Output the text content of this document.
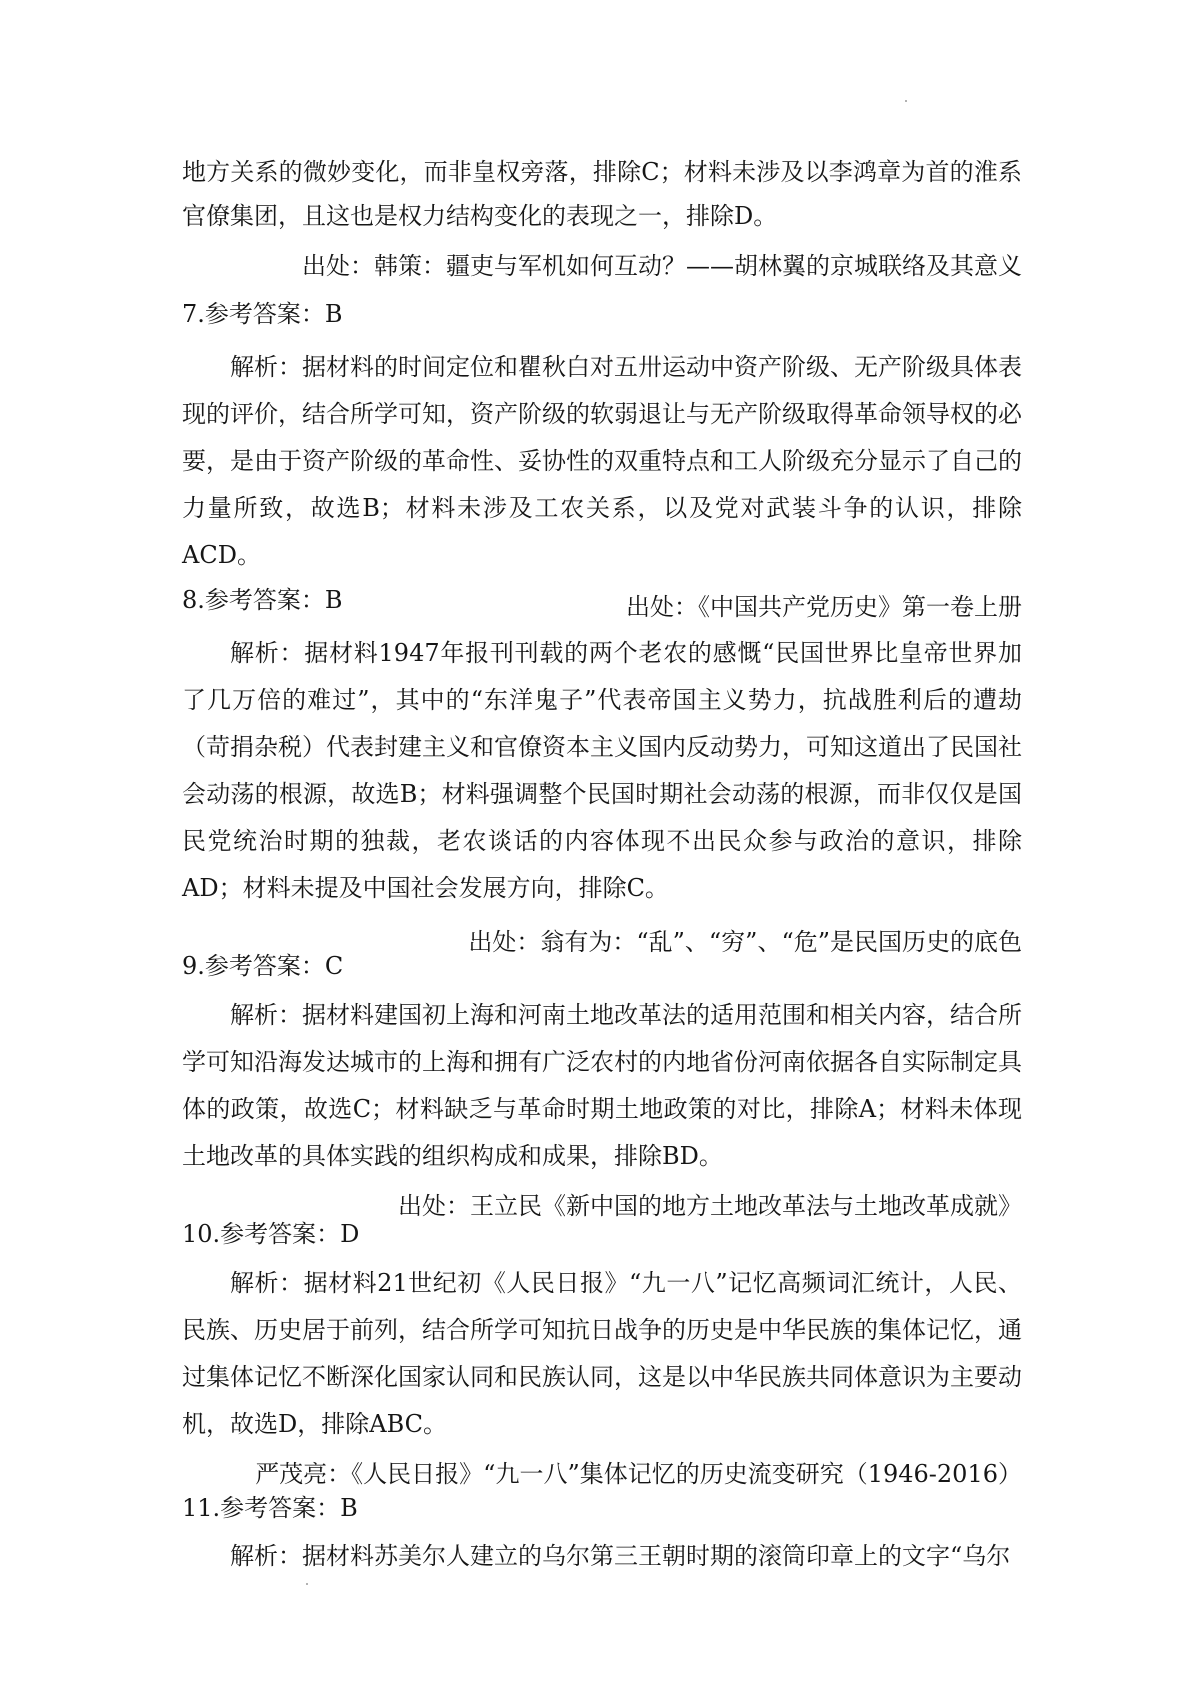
地方关系的微妙变化，而非皇权旁落，排除C；材料未涉及以李鸿章为首的淮系官僚集团，且这也是权力结构变化的表现之一，排除D。

出处：韩策：疆吏与军机如何互动？——胡林翼的京城联络及其意义

7.参考答案：B

解析：据材料的时间定位和瞿秋白对五卅运动中资产阶级、无产阶级具体表现的评价，结合所学可知，资产阶级的软弱退让与无产阶级取得革命领导权的必要，是由于资产阶级的革命性、妥协性的双重特点和工人阶级充分显示了自己的力量所致，故选B；材料未涉及工农关系，以及党对武装斗争的认识，排除ACD。

出处：《中国共产党历史》第一卷上册

8.参考答案：B

解析：据材料1947年报刊刊载的两个老农的感慨“民国世界比皇帝世界加了几万倍的难过”，其中的“东洋鬼子”代表帝国主义势力，抗战胜利后的遭劫（苛捐杂税）代表封建主义和官僚资本主义国内反动势力，可知这道出了民国社会动荡的根源，故选B；材料强调整个民国时期社会动荡的根源，而非仅仅是国民党统治时期的独裁，老农谈话的内容体现不出民众参与政治的意识，排除AD；材料未提及中国社会发展方向，排除C。

出处：翁有为：“乱”、“穷”、“危”是民国历史的底色

9.参考答案：C

解析：据材料建国初上海和河南土地改革法的适用范围和相关内容，结合所学可知沿海发达城市的上海和拥有广泛农村的内地省份河南依据各自实际制定具体的政策，故选C；材料缺乏与革命时期土地政策的对比，排除A；材料未体现土地改革的具体实践的组织构成和成果，排除BD。

出处：王立民《新中国的地方土地改革法与土地改革成就》

10.参考答案：D

解析：据材料21世纪初《人民日报》“九一八”记忆高频词汇统计，人民、民族、历史居于前列，结合所学可知抗日战争的历史是中华民族的集体记忆，通过集体记忆不断深化国家认同和民族认同，这是以中华民族共同体意识为主要动机，故选D，排除ABC。

严茂亮：《人民日报》“九一八”集体记忆的历史流变研究（1946-2016）

11.参考答案：B

解析：据材料苏美尔人建立的乌尔第三王朝时期的滚筒印章上的文字“乌尔
